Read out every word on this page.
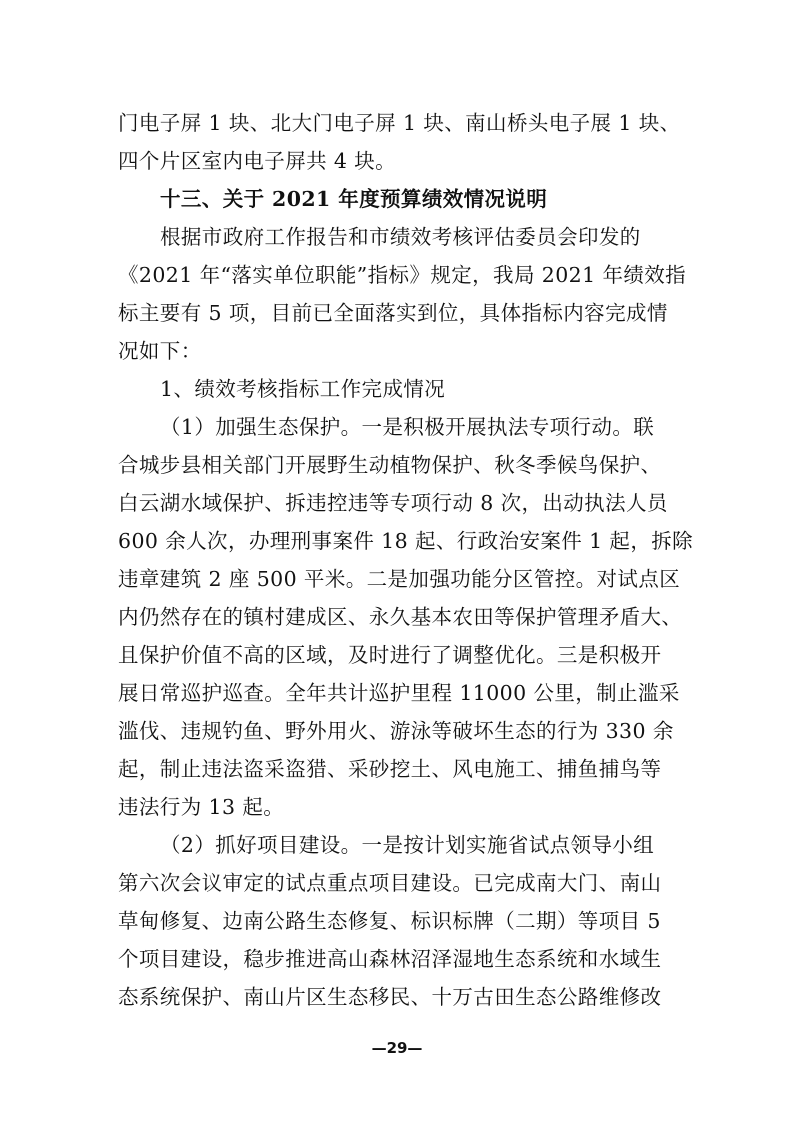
门电子屏 1 块、北大门电子屏 1 块、南山桥头电子展 1 块、
四个片区室内电子屏共 4 块。
十三、关于 2021 年度预算绩效情况说明
根据市政府工作报告和市绩效考核评估委员会印发的
《2021 年“落实单位职能”指标》规定，我局 2021 年绩效指
标主要有 5 项，目前已全面落实到位，具体指标内容完成情
况如下：
1、绩效考核指标工作完成情况
（1）加强生态保护。一是积极开展执法专项行动。联
合城步县相关部门开展野生动植物保护、秋冬季候鸟保护、
白云湖水域保护、拆违控违等专项行动 8 次，出动执法人员
600 余人次，办理刑事案件 18 起、行政治安案件 1 起，拆除
违章建筑 2 座 500 平米。二是加强功能分区管控。对试点区
内仍然存在的镇村建成区、永久基本农田等保护管理矛盾大、
且保护价值不高的区域，及时进行了调整优化。三是积极开
展日常巡护巡查。全年共计巡护里程 11000 公里，制止滥采
滥伐、违规钓鱼、野外用火、游泳等破坏生态的行为 330 余
起，制止违法盗采盗猎、采砂挖土、风电施工、捕鱼捕鸟等
违法行为 13 起。
（2）抓好项目建设。一是按计划实施省试点领导小组
第六次会议审定的试点重点项目建设。已完成南大门、南山
草甸修复、边南公路生态修复、标识标牌（二期）等项目 5
个项目建设，稳步推进高山森林沼泽湿地生态系统和水域生
态系统保护、南山片区生态移民、十万古田生态公路维修改
—29—
